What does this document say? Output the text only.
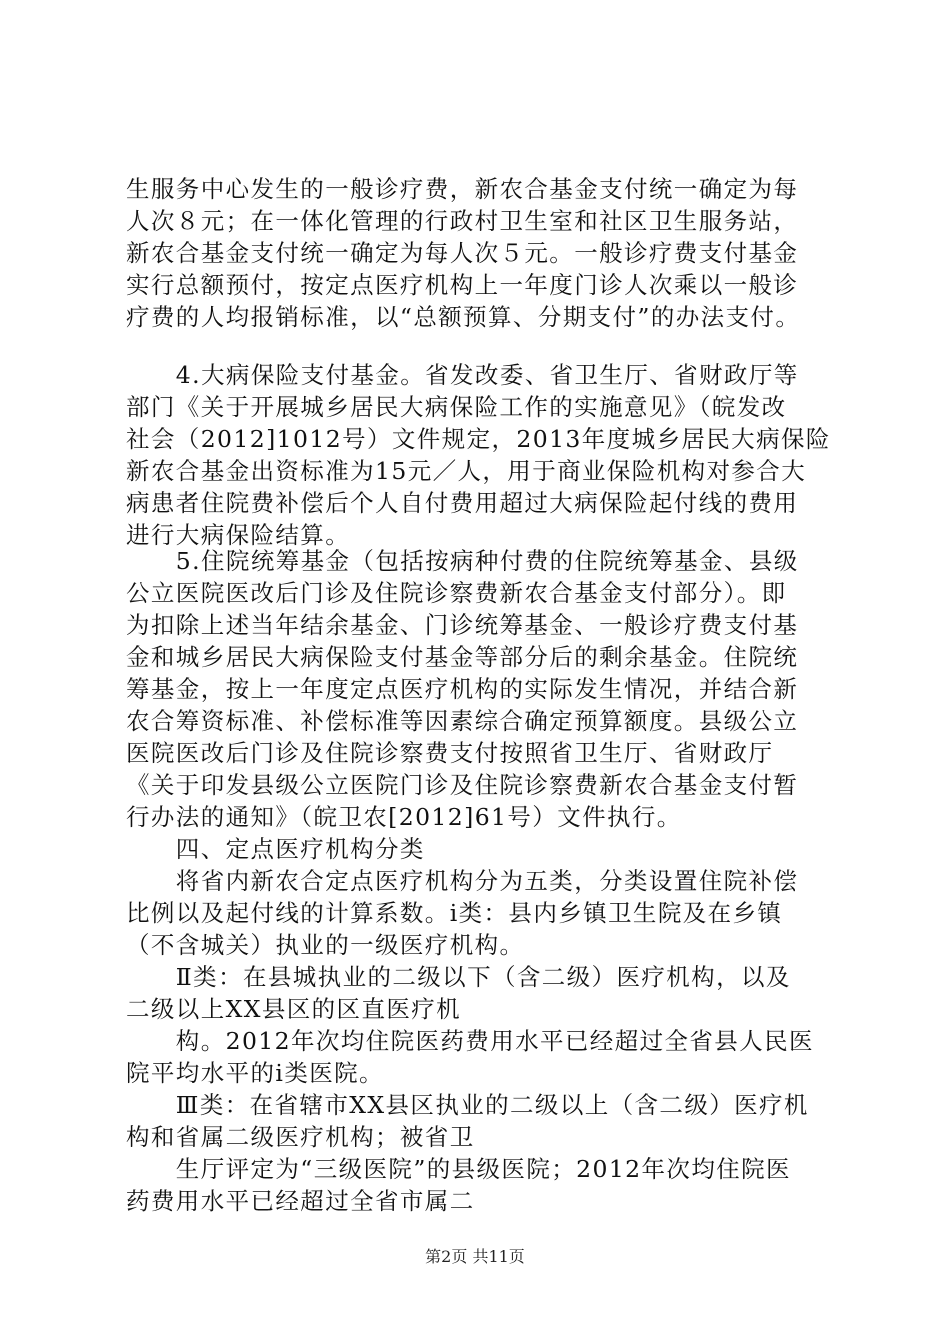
生服务中心发生的一般诊疗费，新农合基金支付统一确定为每
人次８元；在一体化管理的行政村卫生室和社区卫生服务站，
新农合基金支付统一确定为每人次５元。一般诊疗费支付基金
实行总额预付，按定点医疗机构上一年度门诊人次乘以一般诊
疗费的人均报销标准，以“总额预算、分期支付”的办法支付。
　　4.大病保险支付基金。省发改委、省卫生厅、省财政厅等
部门《关于开展城乡居民大病保险工作的实施意见》（皖发改
社会（2012]1012号）文件规定，2013年度城乡居民大病保险
新农合基金出资标准为15元／人，用于商业保险机构对参合大
病患者住院费补偿后个人自付费用超过大病保险起付线的费用
进行大病保险结算。
　　5.住院统筹基金（包括按病种付费的住院统筹基金、县级
公立医院医改后门诊及住院诊察费新农合基金支付部分）。即
为扣除上述当年结余基金、门诊统筹基金、一般诊疗费支付基
金和城乡居民大病保险支付基金等部分后的剩余基金。住院统
筹基金，按上一年度定点医疗机构的实际发生情况，并结合新
农合筹资标准、补偿标准等因素综合确定预算额度。县级公立
医院医改后门诊及住院诊察费支付按照省卫生厅、省财政厅
《关于印发县级公立医院门诊及住院诊察费新农合基金支付暂
行办法的通知》（皖卫农[2012]61号）文件执行。
　　四、定点医疗机构分类
　　将省内新农合定点医疗机构分为五类，分类设置住院补偿
比例以及起付线的计算系数。i类：县内乡镇卫生院及在乡镇
（不含城关）执业的一级医疗机构。
　　Ⅱ类：在县城执业的二级以下（含二级）医疗机构，以及
二级以上XX县区的区直医疗机
　　构。2012年次均住院医药费用水平已经超过全省县人民医
院平均水平的i类医院。
　　Ⅲ类：在省辖市XX县区执业的二级以上（含二级）医疗机
构和省属二级医疗机构；被省卫
　　生厅评定为“三级医院”的县级医院；2012年次均住院医
药费用水平已经超过全省市属二
第2页 共11页
